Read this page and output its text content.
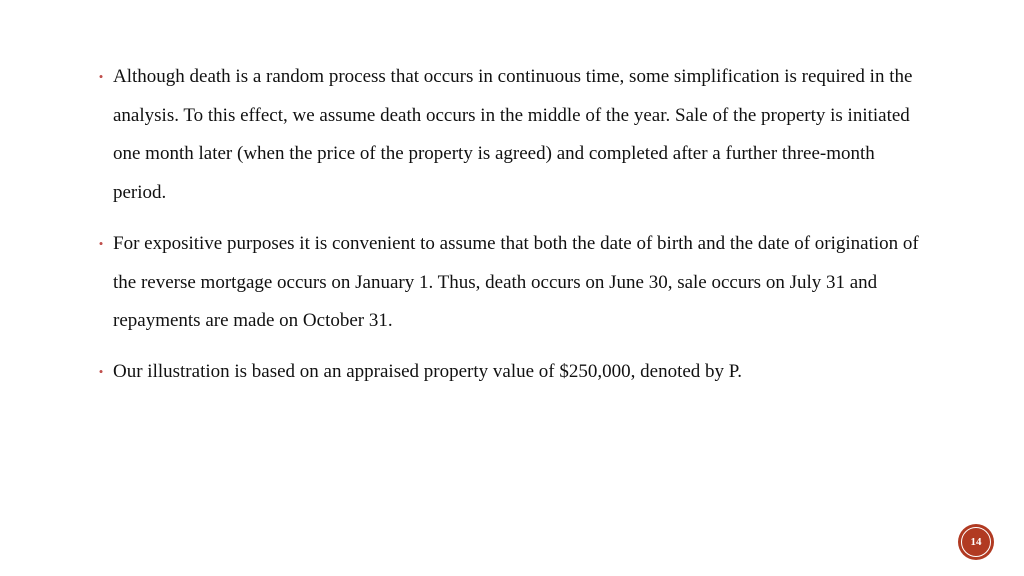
• Although death is a random process that occurs in continuous time, some simplification is required in the analysis. To this effect, we assume death occurs in the middle of the year. Sale of the property is initiated one month later (when the price of the property is agreed) and completed after a further three-month period.
• For expositive purposes it is convenient to assume that both the date of birth and the date of origination of the reverse mortgage occurs on January 1. Thus, death occurs on June 30, sale occurs on July 31 and repayments are made on October 31.
• Our illustration is based on an appraised property value of $250,000, denoted by P.
14
